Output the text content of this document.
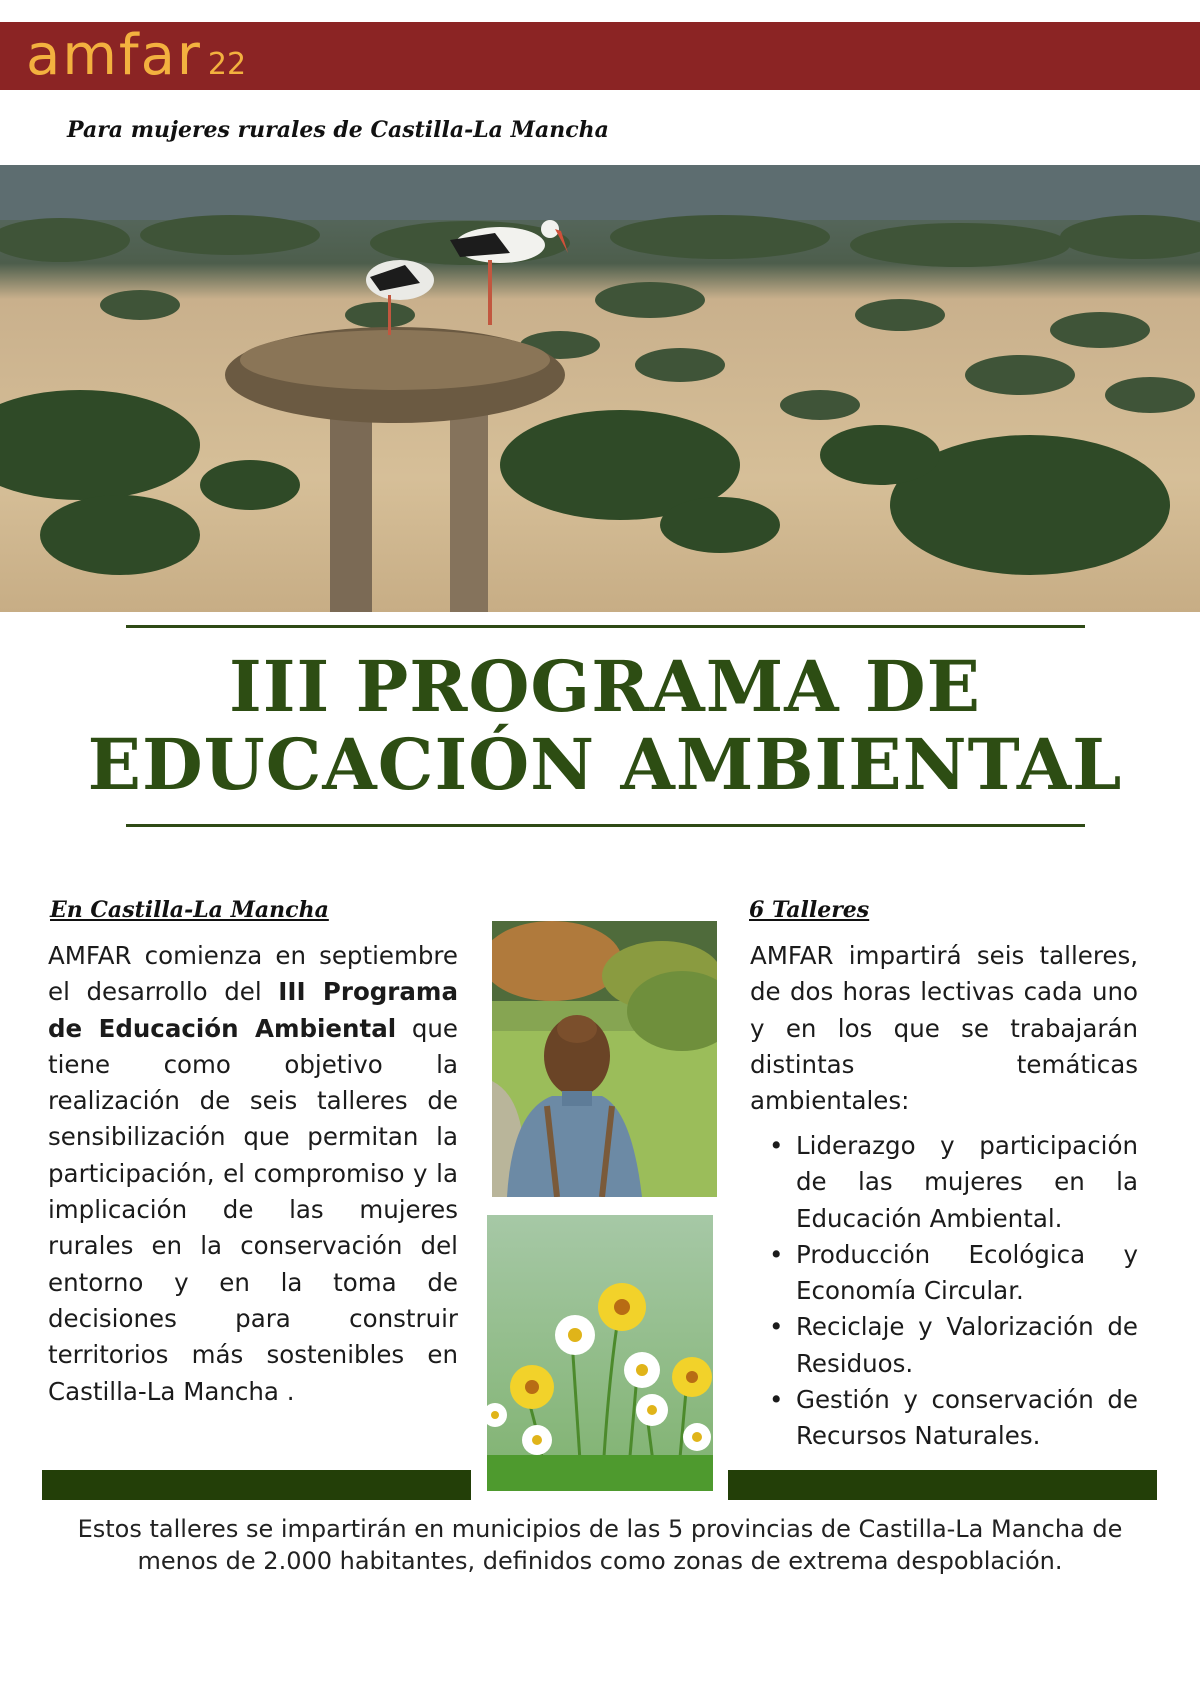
amfar 22
Para mujeres rurales de Castilla-La Mancha
III PROGRAMA DE
EDUCACIÓN AMBIENTAL
En Castilla-La Mancha
AMFAR comienza en septiembre el desarrollo del III Programa de Educación Ambiental que tiene como objetivo la realización de seis talleres de sensibilización que permitan la participación, el compromiso y la implicación de las mujeres rurales en la conservación del entorno y en la toma de decisiones para construir territorios más sostenibles en Castilla-La Mancha .
6 Talleres
AMFAR impartirá seis talleres, de dos horas lectivas cada uno y en los que se trabajarán distintas temáticas ambientales:
• Liderazgo y participación de las mujeres en la Educación Ambiental.
• Producción Ecológica y Economía Circular.
• Reciclaje y Valorización de Residuos.
• Gestión y conservación de Recursos Naturales.
Estos talleres se impartirán en municipios de las 5 provincias de Castilla-La Mancha de
menos de 2.000 habitantes, definidos como zonas de extrema despoblación.
